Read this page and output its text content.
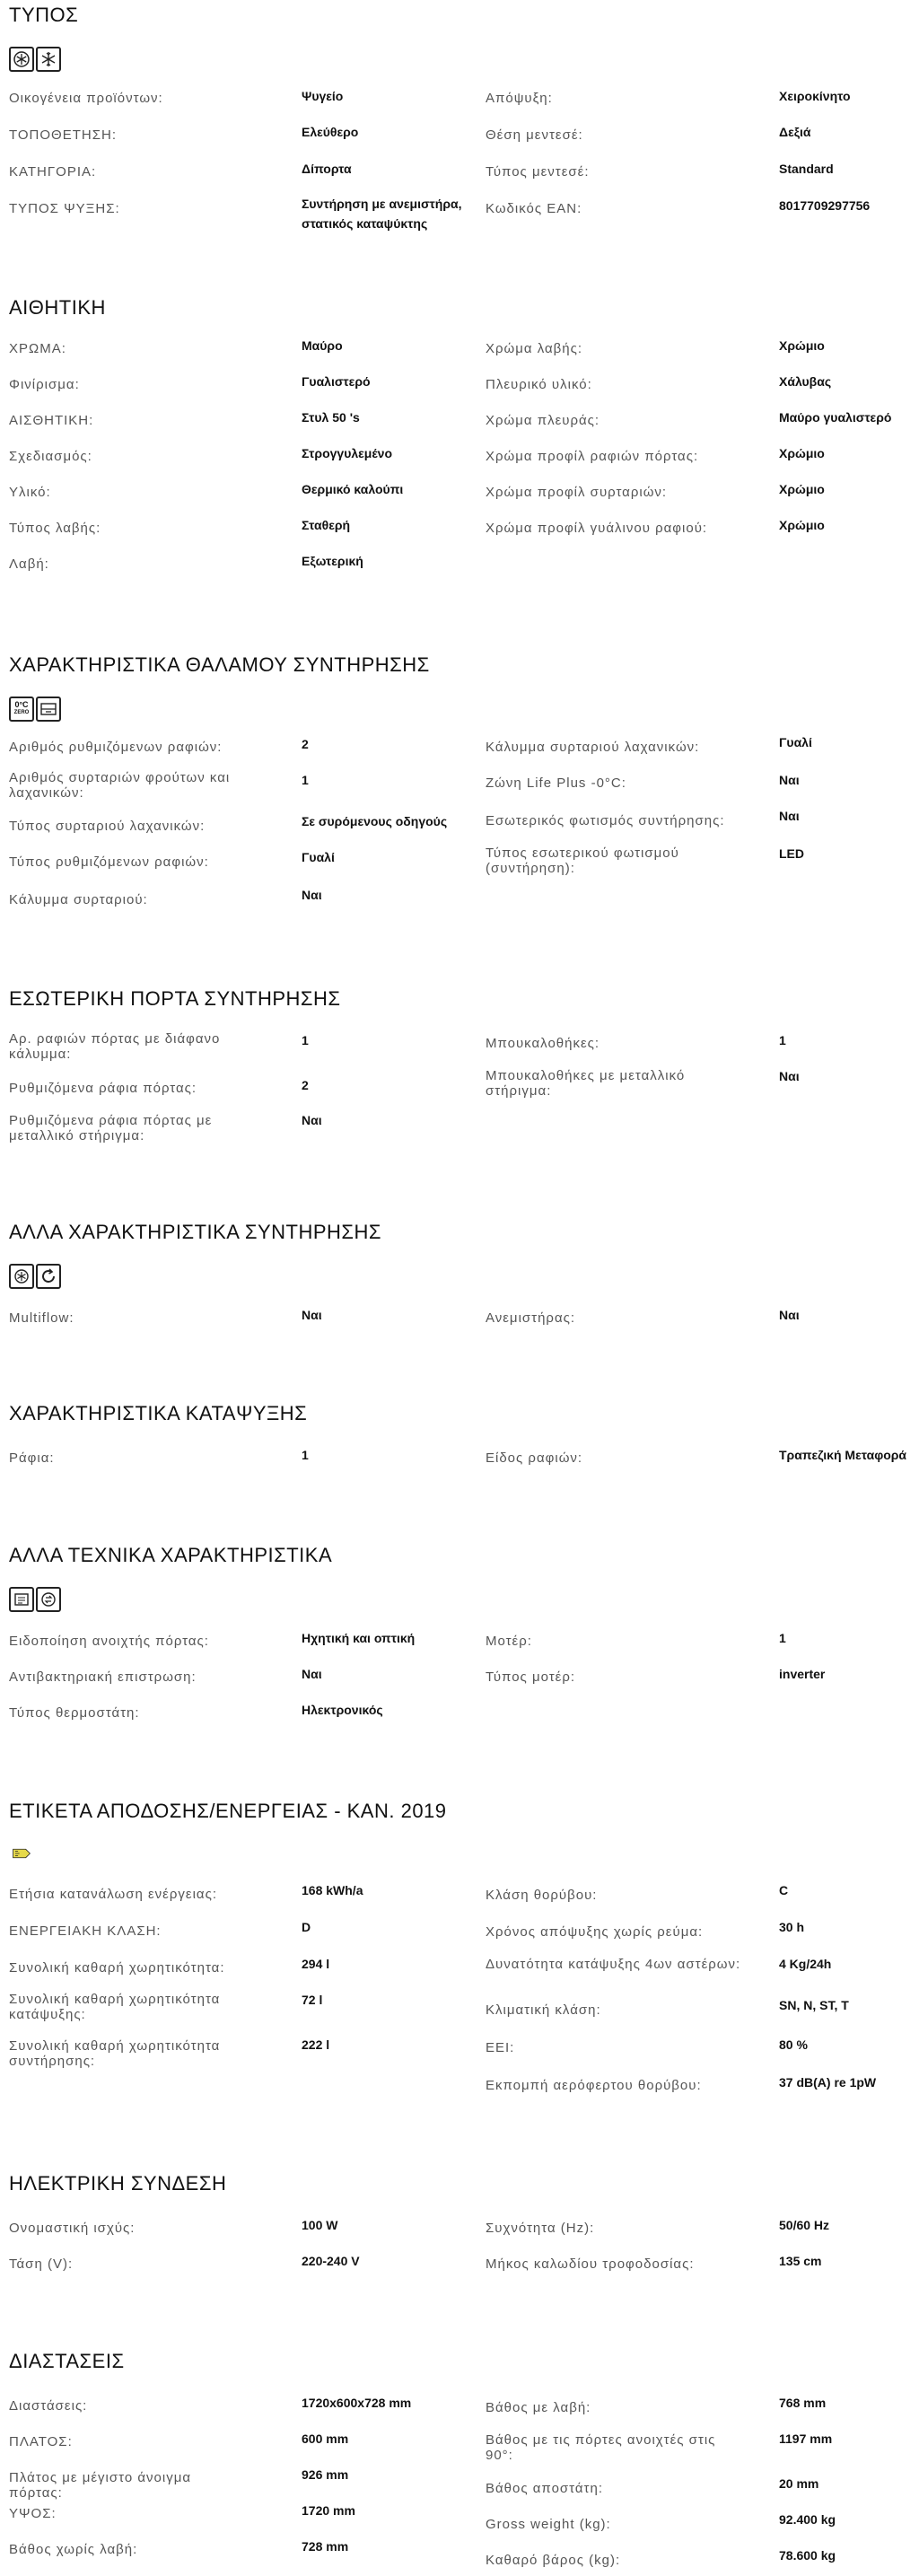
ΤΥΠΟΣ
Οικογένεια προϊόντων:	Ψυγείο
ΤΟΠΟΘΕΤΗΣΗ:	Ελεύθερο
ΚΑΤΗΓΟΡΙΑ:	Δίπορτα
ΤΥΠΟΣ ΨΥΞΗΣ:	Συντήρηση με ανεμιστήρα, στατικός καταψύκτης
Απόψυξη:	Χειροκίνητο
Θέση μεντεσέ:	Δεξιά
Τύπος μεντεσέ:	Standard
Κωδικός EAN:	8017709297756
ΑΙΘΗΤΙΚΗ
ΧΡΩΜΑ:	Μαύρο
Φινίρισμα:	Γυαλιστερό
ΑΙΣΘΗΤΙΚΗ:	Στυλ 50 's
Σχεδιασμός:	Στρογγυλεμένο
Υλικό:	Θερμικό καλούπι
Τύπος λαβής:	Σταθερή
Λαβή:	Εξωτερική
Χρώμα λαβής:	Χρώμιο
Πλευρικό υλικό:	Χάλυβας
Χρώμα πλευράς:	Μαύρο γυαλιστερό
Χρώμα προφίλ ραφιών πόρτας:	Χρώμιο
Χρώμα προφίλ συρταριών:	Χρώμιο
Χρώμα προφίλ γυάλινου ραφιού:	Χρώμιο
ΧΑΡΑΚΤΗΡΙΣΤΙΚΑ ΘΑΛΑΜΟΥ ΣΥΝΤΗΡΗΣΗΣ
0°C
ZERO
Αριθμός ρυθμιζόμενων ραφιών:	2
Αριθμός συρταριών φρούτων και λαχανικών:
1
Τύπος συρταριού λαχανικών:	Σε συρόμενους οδηγούς
Τύπος ρυθμιζόμενων ραφιών:	Γυαλί
Κάλυμμα συρταριού:	Ναι
Κάλυμμα συρταριού λαχανικών:	Γυαλί
Ζώνη Life Plus -0°C:	Ναι
Εσωτερικός φωτισμός συντήρησης:	Ναι
Τύπος εσωτερικού φωτισμού (συντήρηση):
LED
ΕΣΩΤΕΡΙΚΗ ΠΟΡΤΑ ΣΥΝΤΗΡΗΣΗΣ
Αρ. ραφιών πόρτας με διάφανο κάλυμμα:
1
Ρυθμιζόμενα ράφια πόρτας:	2
Ρυθμιζόμενα ράφια πόρτας με μεταλλικό στήριγμα:
Ναι
Μπουκαλοθήκες:	1
Μπουκαλοθήκες με μεταλλικό στήριγμα:
Ναι
ΑΛΛΑ ΧΑΡΑΚΤΗΡΙΣΤΙΚΑ ΣΥΝΤΗΡΗΣΗΣ
Multiflow:	Ναι	Ανεμιστήρας:	Ναι
ΧΑΡΑΚΤΗΡΙΣΤΙΚΑ ΚΑΤΑΨΥΞΗΣ
Ράφια:	1	Είδος ραφιών:	Τραπεζική Μεταφορά
ΑΛΛΑ ΤΕΧΝΙΚΑ ΧΑΡΑΚΤΗΡΙΣΤΙΚΑ
Ειδοποίηση ανοιχτής πόρτας:	Ηχητική και οπτική
Αντιβακτηριακή επιστρωση:	Ναι
Τύπος θερμοστάτη:	Ηλεκτρονικός
Μοτέρ:	1
Τύπος μοτέρ:	inverter
ΕΤΙΚΕΤΑ ΑΠΟΔΟΣΗΣ/ΕΝΕΡΓΕΙΑΣ - ΚΑΝ. 2019
Ετήσια κατανάλωση ενέργειας:	168 kWh/a
ΕΝΕΡΓΕΙΑΚΗ ΚΛΑΣΗ:	D
Συνολική καθαρή χωρητικότητα:	294 l
Συνολική καθαρή χωρητικότητα κατάψυξης:
72 l
Συνολική καθαρή χωρητικότητα συντήρησης:
222 l
Κλάση θορύβου:	C
Χρόνος απόψυξης χωρίς ρεύμα:	30 h
Δυνατότητα κατάψυξης 4ων αστέρων:	4 Kg/24h
Κλιματική κλάση:	SN, N, ST, T
EEI:	80 %
Εκπομπή αερόφερτου θορύβου:	37 dB(A) re 1pW
ΗΛΕΚΤΡΙΚΗ ΣΥΝΔΕΣΗ
Ονομαστική ισχύς:	100 W
Τάση (V):	220-240 V
Συχνότητα (Hz):	50/60 Hz
Μήκος καλωδίου τροφοδοσίας:	135 cm
ΔΙΑΣΤΑΣΕΙΣ
Διαστάσεις:	1720x600x728 mm
ΠΛΑΤΟΣ:	600 mm
Πλάτος με μέγιστο άνοιγμα πόρτας:
926 mm
ΥΨΟΣ:	1720 mm
Βάθος χωρίς λαβή:	728 mm
Βάθος με λαβή:	768 mm
Βάθος με τις πόρτες ανοιχτές στις 90°:
1197 mm
Βάθος αποστάτη:	20 mm
Gross weight (kg):	92.400 kg
Καθαρό βάρος (kg):	78.600 kg
